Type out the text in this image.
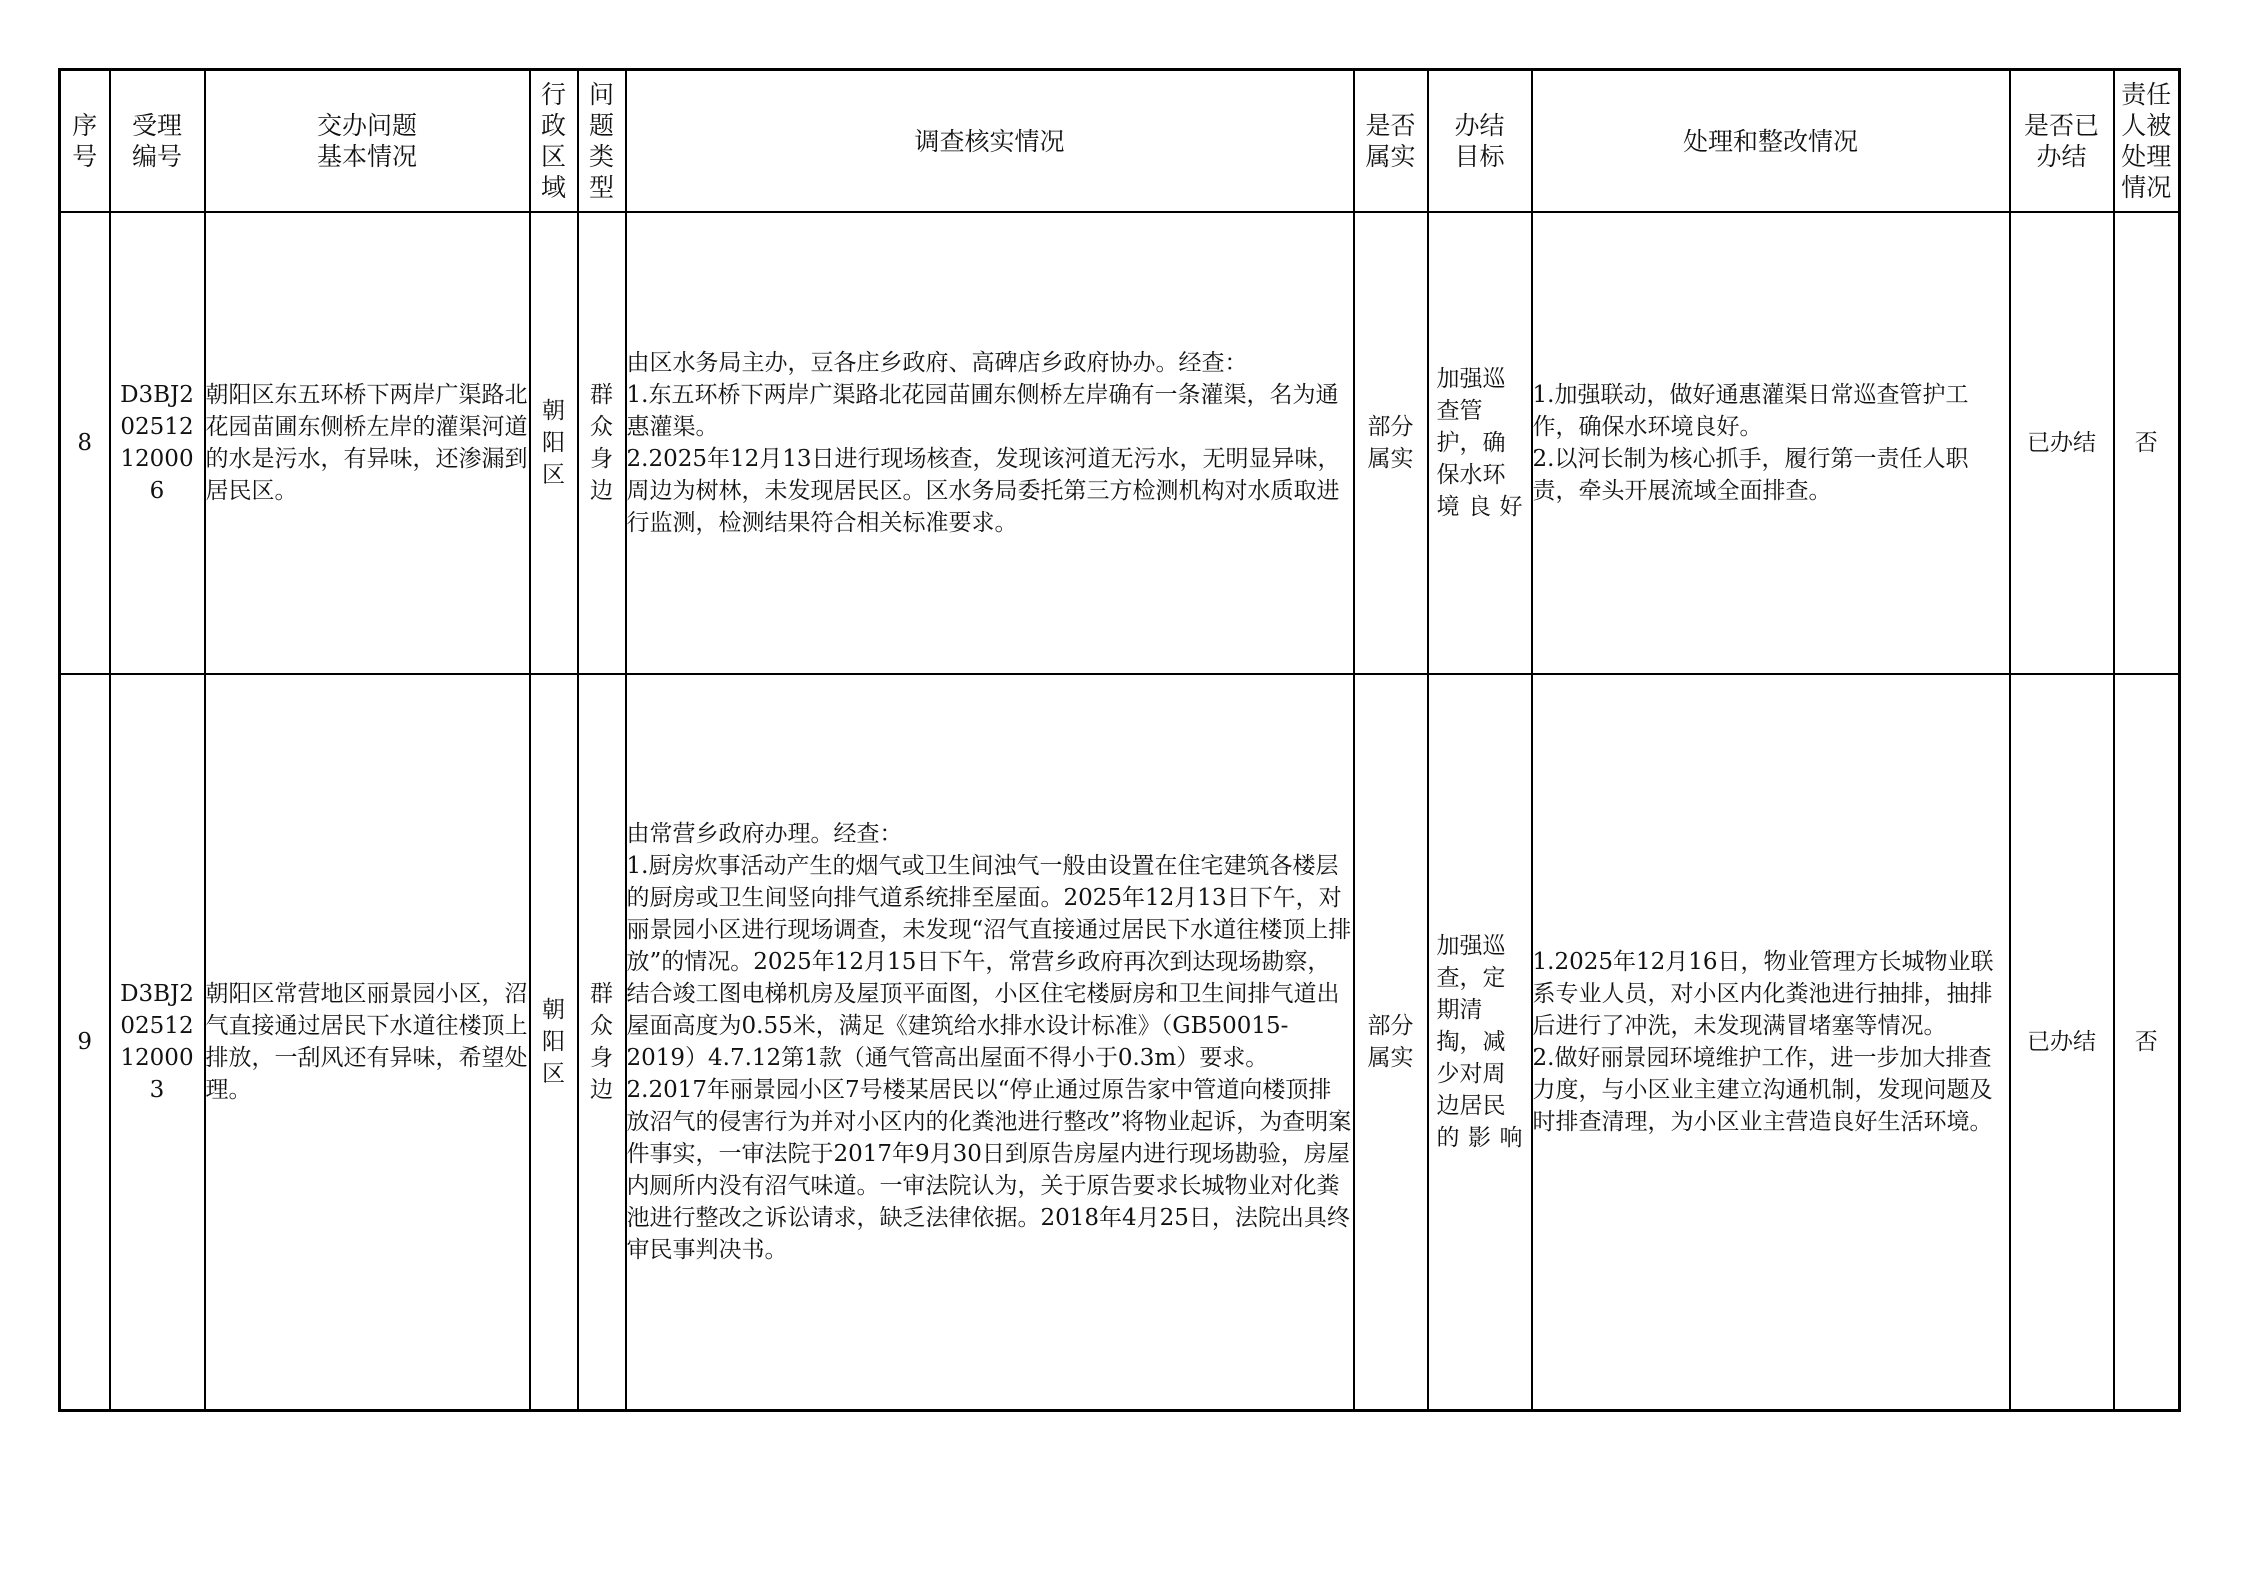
序号	受理编号	交办问题
基本情况	行政区域	问题类型	调查核实情况	是否属实	办结目标	处理和整改情况	是否已办结	责任人被处理情况

8	D3BJ202512120006	朝阳区东五环桥下两岸广渠路北花园苗圃东侧桥左岸的灌渠河道的水是污水，有异味，还渗漏到居民区。	朝阳区	群众身边	由区水务局主办，豆各庄乡政府、高碑店乡政府协办。经查：
1.东五环桥下两岸广渠路北花园苗圃东侧桥左岸确有一条灌渠，名为通惠灌渠。
2.2025年12月13日进行现场核查，发现该河道无污水，无明显异味，周边为树林，未发现居民区。区水务局委托第三方检测机构对水质取进行监测，检测结果符合相关标准要求。	部分属实	加强巡查管护，确保水环境良好	1.加强联动，做好通惠灌渠日常巡查管护工作，确保水环境良好。
2.以河长制为核心抓手，履行第一责任人职责，牵头开展流域全面排查。	已办结	否
9	D3BJ202512120003	朝阳区常营地区丽景园小区，沼气直接通过居民下水道往楼顶上排放，一刮风还有异味，希望处理。	朝阳区	群众身边	由常营乡政府办理。经查：
1.厨房炊事活动产生的烟气或卫生间浊气一般由设置在住宅建筑各楼层的厨房或卫生间竖向排气道系统排至屋面。2025年12月13日下午，对丽景园小区进行现场调查，未发现“沼气直接通过居民下水道往楼顶上排放”的情况。2025年12月15日下午，常营乡政府再次到达现场勘察，结合竣工图电梯机房及屋顶平面图，小区住宅楼厨房和卫生间排气道出屋面高度为0.55米，满足《建筑给水排水设计标准》（GB50015-2019）4.7.12第1款（通气管高出屋面不得小于0.3m）要求。
2.2017年丽景园小区7号楼某居民以“停止通过原告家中管道向楼顶排放沼气的侵害行为并对小区内的化粪池进行整改”将物业起诉，为查明案件事实，一审法院于2017年9月30日到原告房屋内进行现场勘验，房屋内厕所内没有沼气味道。一审法院认为，关于原告要求长城物业对化粪池进行整改之诉讼请求，缺乏法律依据。2018年4月25日，法院出具终审民事判决书。	部分属实	加强巡查，定期清掏，减少对周边居民的影响	1.2025年12月16日，物业管理方长城物业联系专业人员，对小区内化粪池进行抽排，抽排后进行了冲洗，未发现满冒堵塞等情况。
2.做好丽景园环境维护工作，进一步加大排查力度，与小区业主建立沟通机制，发现问题及时排查清理，为小区业主营造良好生活环境。	已办结	否
